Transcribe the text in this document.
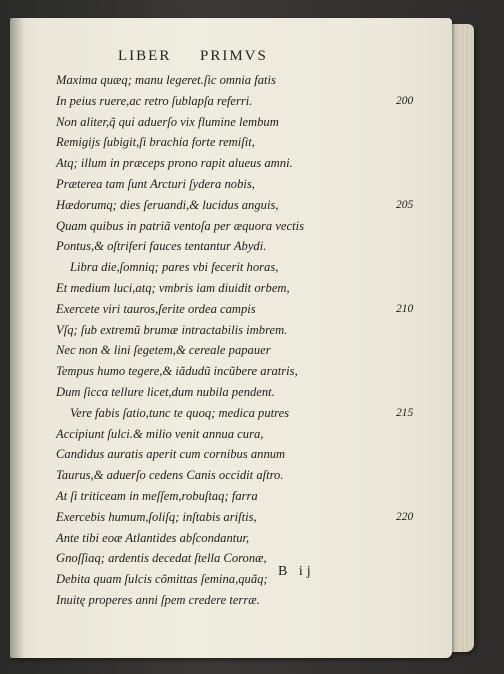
LIBER PRIMVS
Maxima quæq; manu legeret.ſic omnia fatis
In peius ruere,ac retro ſublapſa referri.	200
Non aliter,q̃ qui aduerſo vix flumine lembum
Remigijs ſubigit,ſi brachia forte remiſit,
Atq; illum in præceps prono rapit alueus amni.
Præterea tam ſunt Arcturi ſydera nobis,
Hædorumq; dies ſeruandi,& lucidus anguis,	205
Quam quibus in patriã ventoſa per æquora vectis
Pontus,& oſtriferi fauces tentantur Abydi.
Libra die,ſomniq; pares vbi fecerit horas,
Et medium luci,atq; vmbris iam diuidit orbem,
Exercete viri tauros,ſerite ordea campis	210
Vſq; ſub extremũ brumæ intractabilis imbrem.
Nec non & lini ſegetem,& cereale papauer
Tempus humo tegere,& iãdudũ incũbere aratris,
Dum ſicca tellure licet,dum nubila pendent.
Vere fabis ſatio,tunc te quoq; medica putres	215
Accipiunt ſulci.& milio venit annua cura,
Candidus auratis aperit cum cornibus annum
Taurus,& aduerſo cedens Canis occidit aſtro.
At ſi triticeam in meſſem,robuſtaq; farra
Exercebis humum,ſoliſq; inſtabis ariſtis,	220
Ante tibi eoæ Atlantides abſcondantur,
Gnoſſiaq; ardentis decedat ſtella Coronæ,
Debita quam ſulcis cõmittas ſemina,quãq;
Inuitę properes anni ſpem credere terræ.
B ij
